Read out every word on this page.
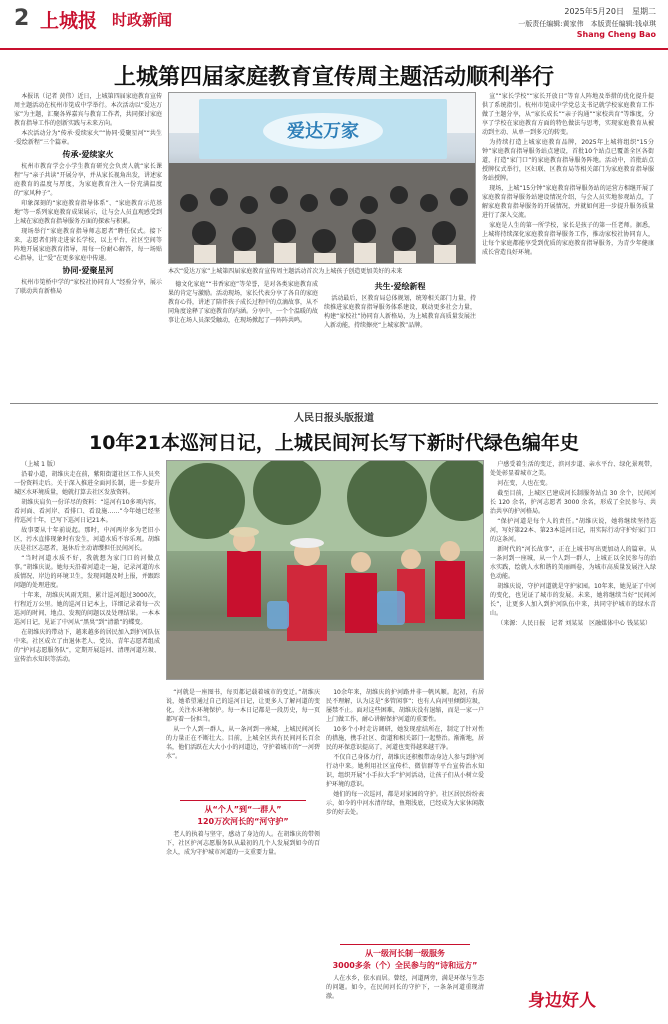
2 上城报 时政新闻	2025年5月20日　星期二
一版责任编辑:黄家伟　本版责任编辑:钱卓琪
Shang Cheng Bao
上城第四届家庭教育宣传周主题活动顺利举行

本报讯（记者 黄伟）近日，上城第四届家庭教育宣传周主题活动在杭州市笕成中学举行。本次活动以“爱达万家”为主题，汇聚各界嘉宾与教育工作者，共同探讨家庭教育指导工作的创新实践与未来方向。

本次活动分为“传承·爱续家火”“协同·爱聚星河”“共生·爱绘新程”三个篇章。

传承·爱续家火

杭州市教育学会小学生教育研究会负责人就“家长课程”与“亲子共读”开展分享，并从家长视角出发，讲述家庭教育的温度与厚度，为家庭教育注入一份充满温度的“家风种子”。

印象深刻的“家庭教育指导体系”、“家庭教育示范基地”等一系列家庭教育成果展示，让与会人员直观感受到上城在家庭教育指导服务方面的探索与积累。

现场举行“家庭教育指导师志愿者”聘任仪式。接下来，志愿者们将走进家长学校，以上平台，社区空间等阵地开展家庭教育指导，用每一份耐心解答，每一场贴心指导，让“爱”在更多家庭中传递。

协同·爱聚星河

杭州市笕桥中学的“家校社协同育人”经验分享，展示了联动共育新格局

爱达万家
本次“爱达万家”上城第四届家庭教育宣传周主题活动首次为上城孩子创造更加美好的未来

德文化家庭”“书香家庭”等荣誉，是对各类家庭教育成果的肯定与激励。活动现场，家长代表分享了各自的家庭教育心得，讲述了陪伴孩子成长过程中的点滴故事，从不同角度诠释了家庭教育的内涵。分享中，一个个温暖的故事让在场人员深受触动，在现场掀起了一阵阵共鸣。

共生·爱绘新程

活动最后，区教育局总体规划，统筹相关部门力量，持续推进家庭教育指导服务体系建设，联动更多社会力量，构建“家校社”协同育人新格局，为上城教育高质量发展注入新动能，持续擦亮“上城家教”品牌。

宣”“家长学校”“家长开放日”等育人阵地及举措的优化提升提供了系统指引。杭州市笕成中学党总支书记就学校家庭教育工作做了主题分享，从“家长成长”“亲子沟通”“家校共育”等维度，分享了学校在家庭教育方面的特色做法与思考，实现家庭教育从被动到主动、从单一到多元的转变。

为持续打造上城家庭教育品牌，2025年上城将组织“15分钟”家庭教育指导服务站点建设，首批10个站点已覆盖全区各街道，打造“家门口”的家庭教育指导服务阵地。活动中，首批站点授牌仪式举行，区妇联、区教育局等相关部门为家庭教育指导服务站授牌。

现场，上城“15分钟”家庭教育指导服务站的运营方相继开展了家庭教育指导服务站建设情况介绍，与会人员实地参观站点，了解家庭教育指导服务的开展情况，并就如何进一步提升服务质量进行了深入交流。

家庭是人生的第一所学校，家长是孩子的第一任老师。据悉，上城将持续深化家庭教育指导服务工作，推动家校社协同育人，让每个家庭都能享受到优质的家庭教育指导服务，为青少年健康成长营造良好环境。

人民日报头版报道
10年21本巡河日记，上城民间河长写下新时代绿色编年史

（上城 1 版）

沿着小道，胡维庆走在前，紫阳街道社区工作人员夹一份资料走后。关于深入推进全面河长制，进一步提升城区水环境质量，她就打算去社区发放资料。

胡维庆肩负一份详尽的资料：“巡河有10多项内容，看河面、看河岸、看排口、看设施……”今年她已经坚持巡河十年，已写下巡河日记21本。

故事要从十年前说起。那时，中河两岸多为老旧小区，污水直排现象时有发生，河道水质不容乐观。胡维庆是社区志愿者，退休后主动请缨担任民间河长。

“当时河道水质不好，我就想为家门口的河做点事。”胡维庆说。她每天沿着河道走一遍，记录河道的水质情况、岸边的环境卫生，发现问题及时上报，并跟踪问题的处理进度。

十年来，胡维庆风雨无阻，累计巡河超过3000次，行程近万公里。她的巡河日记本上，详细记录着每一次巡河的时间、地点、发现的问题以及处理结果。一本本巡河日记，见证了中河从“黑臭”到“清澈”的蝶变。

在胡维庆的带动下，越来越多的居民加入到护河队伍中来。社区成立了由退休老人、党员、青年志愿者组成的“护河志愿服务队”，定期开展巡河、清理河道垃圾、宣传治水知识等活动。

“河就是一座图书，每页都记载着城市的变迁。”胡维庆说，她希望通过自己的巡河日记，让更多人了解河道的变化，关注水环境保护。每一本日记都是一段历史，每一页都写着一份担当。

从一个人到一群人，从一条河到一座城，上城民间河长的力量正在不断壮大。目前，上城全区共有民间河长百余名，他们活跃在大大小小的河道边，守护着城市的“一河碧水”。

从“个人”到“一群人”
120万次河长的“河守护”

老人的执着与坚守，感动了身边的人。在胡维庆的带领下，社区护河志愿服务队从最初的几个人发展到如今的百余人，成为守护城市河道的一支重要力量。

10余年来，胡维庆的护河路并非一帆风顺。起初，有居民不理解，认为这是“多管闲事”；也有人向河里倾倒垃圾，屡禁不止。面对这些困难，胡维庆没有退缩，而是一家一户上门做工作，耐心讲解保护河道的重要性。

10多个小时走访调研，她发现症结所在，制定了针对性的措施，携手社区、街道和相关部门一起整治。渐渐地，居民的环保意识提高了，河道也变得越来越干净。

不仅自己身体力行，胡维庆还积极带动身边人参与到护河行动中来。她利用社区宣传栏、微信群等平台宣传治水知识，组织开展“小手拉大手”护河活动，让孩子们从小树立爱护环境的意识。

她们的每一次巡河，都是对家园的守护。社区居民纷纷表示，如今的中河水清岸绿，鱼翔浅底，已经成为大家休闲散步的好去处。

从一级河长制一级服务
3000多条（个）全民参与的“诗和远方”

人在水乡，依水而居。曾经，河道两旁，满是环保与生态的问题。如今，在民间河长的守护下，一条条河道重现清澈。

户感受着生活的变迁，滨河步道、亲水平台、绿化景观带，处处彰显着城市之美。

河在变，人也在变。

截至目前，上城区已建成河长制服务站点 30 余个，民间河长 120 余名，护河志愿者 3000 余名，形成了全民参与、共治共享的护河格局。

“保护河道是每个人的责任。”胡维庆说，她将继续坚持巡河，写好第22本、第23本巡河日记，用实际行动守护好家门口的这条河。

新时代的“河长故事”，正在上城书写出更加动人的篇章。从一条河到一座城，从一个人到一群人，上城正以全民参与的治水实践，绘就人水和谐的美丽画卷，为城市高质量发展注入绿色动能。

胡维庆说，守护河道就是守护家园。10年来，她见证了中河的变化，也见证了城市的发展。未来，她将继续当好“民间河长”，让更多人加入到护河队伍中来，共同守护城市的绿水青山。

（来源：人民日报　记者 刘某某　区融媒体中心 钱某某）

身边好人
